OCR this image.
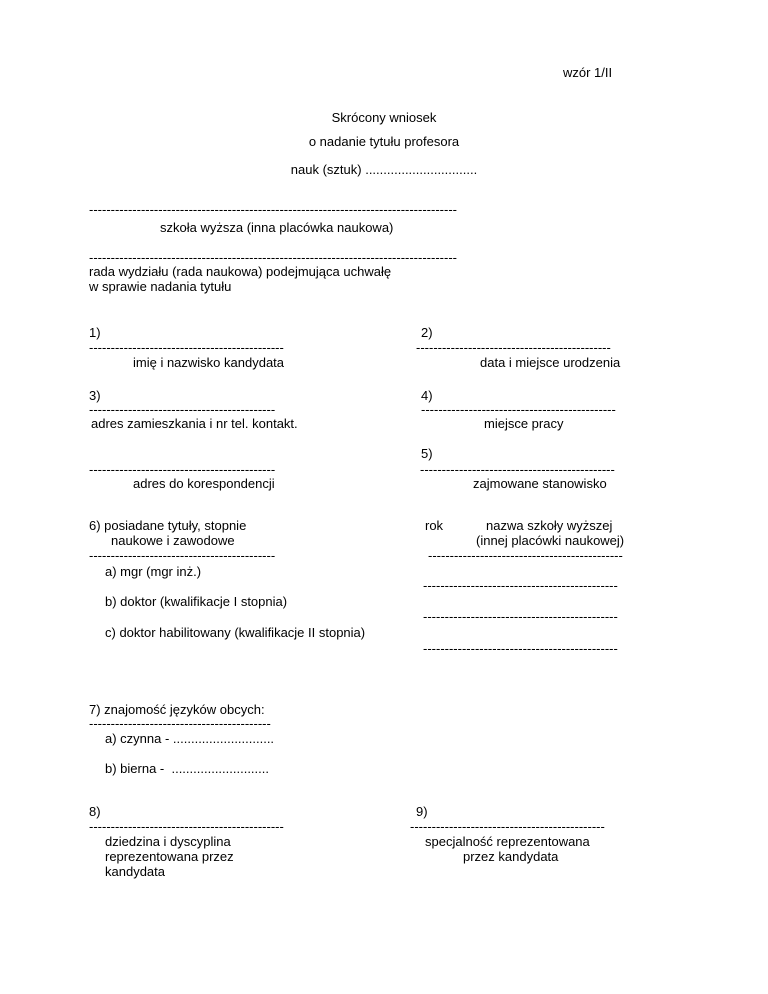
wzór 1/II
Skrócony wniosek
o nadanie tytułu profesora
nauk (sztuk) ...............................
-------------------------------------------------------------------------------------
szkoła wyższa (inna placówka naukowa)
-------------------------------------------------------------------------------------
rada wydziału (rada naukowa) podejmująca uchwałę
w sprawie nadania tytułu
1)
---------------------------------------------
imię i nazwisko kandydata
2)
---------------------------------------------
data i miejsce urodzenia
3)
-------------------------------------------
adres zamieszkania i nr tel. kontakt.
4)
---------------------------------------------
miejsce pracy
5)
-------------------------------------------	---------------------------------------------
adres do korespondencji	zajmowane stanowisko
6) posiadane tytuły, stopnie
naukowe i zawodowe
-------------------------------------------
rok	nazwa szkoły wyższej
(innej placówki naukowej)
---------------------------------------------
a) mgr (mgr inż.)
---------------------------------------------
b) doktor (kwalifikacje I stopnia)
---------------------------------------------
c) doktor habilitowany (kwalifikacje II stopnia)
---------------------------------------------
7) znajomość języków obcych:
------------------------------------------
a) czynna - ............................
b) bierna -  ...........................
8)
---------------------------------------------
dziedzina i dyscyplina
reprezentowana przez
kandydata
9)
---------------------------------------------
specjalność reprezentowana
przez kandydata
